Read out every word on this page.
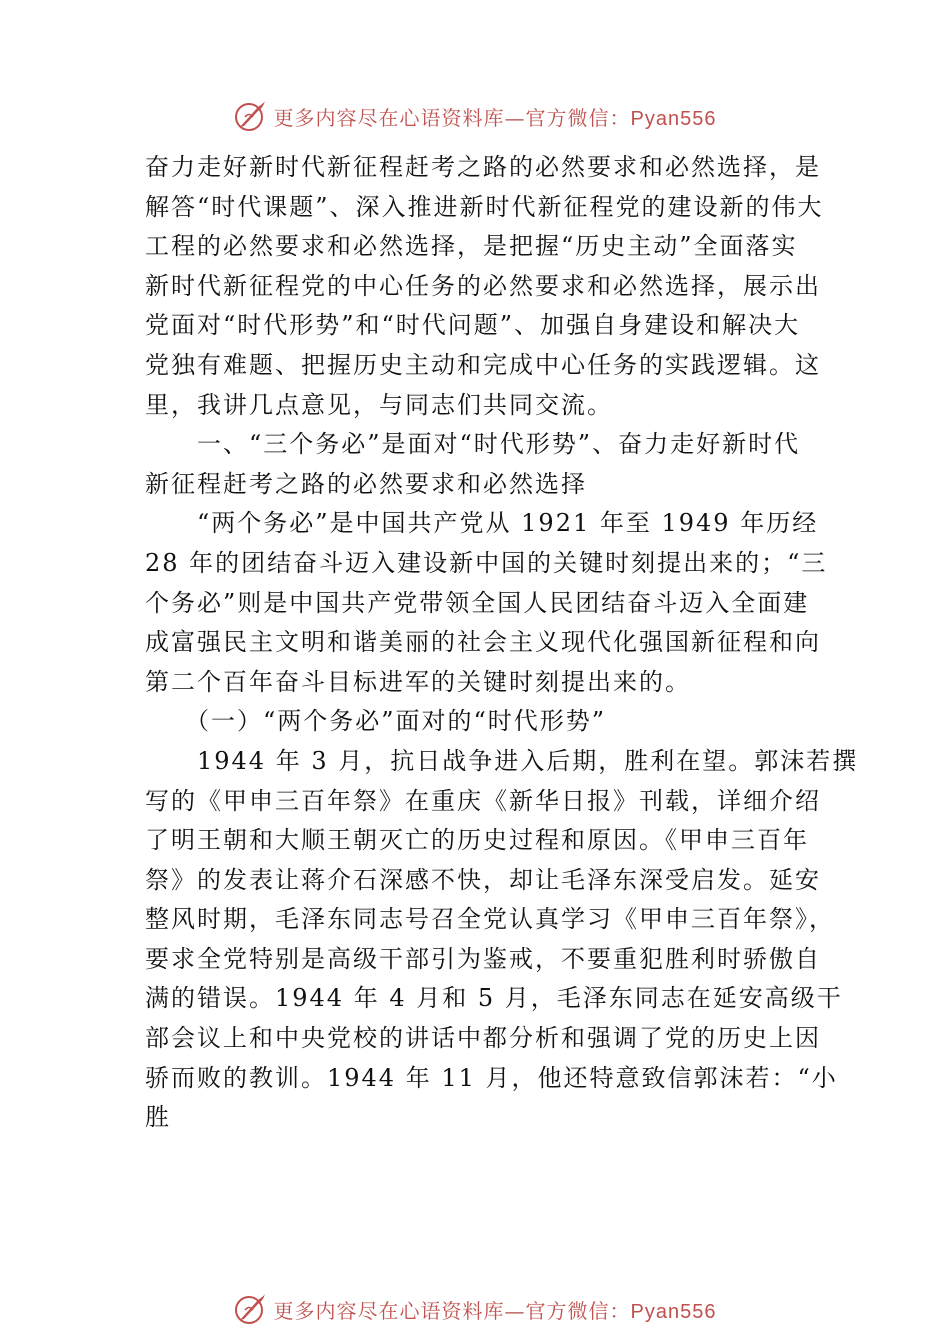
更多内容尽在心语资料库—官方微信：Pyan556

奋力走好新时代新征程赶考之路的必然要求和必然选择，是

解答“时代课题”、深入推进新时代新征程党的建设新的伟大

工程的必然要求和必然选择，是把握“历史主动”全面落实

新时代新征程党的中心任务的必然要求和必然选择，展示出

党面对“时代形势”和“时代问题”、加强自身建设和解决大

党独有难题、把握历史主动和完成中心任务的实践逻辑。这

里，我讲几点意见，与同志们共同交流。

　　一、“三个务必”是面对“时代形势”、奋力走好新时代

新征程赶考之路的必然要求和必然选择

　　“两个务必”是中国共产党从 1921 年至 1949 年历经

28 年的团结奋斗迈入建设新中国的关键时刻提出来的；“三

个务必”则是中国共产党带领全国人民团结奋斗迈入全面建

成富强民主文明和谐美丽的社会主义现代化强国新征程和向

第二个百年奋斗目标进军的关键时刻提出来的。

　　（一）“两个务必”面对的“时代形势”

　　1944 年 3 月，抗日战争进入后期，胜利在望。郭沫若撰

写的《甲申三百年祭》在重庆《新华日报》刊载，详细介绍

了明王朝和大顺王朝灭亡的历史过程和原因。《甲申三百年

祭》的发表让蒋介石深感不快，却让毛泽东深受启发。延安

整风时期，毛泽东同志号召全党认真学习《甲申三百年祭》，

要求全党特别是高级干部引为鉴戒，不要重犯胜利时骄傲自

满的错误。1944 年 4 月和 5 月，毛泽东同志在延安高级干

部会议上和中央党校的讲话中都分析和强调了党的历史上因

骄而败的教训。1944 年 11 月，他还特意致信郭沫若：“小

胜

更多内容尽在心语资料库—官方微信：Pyan556
